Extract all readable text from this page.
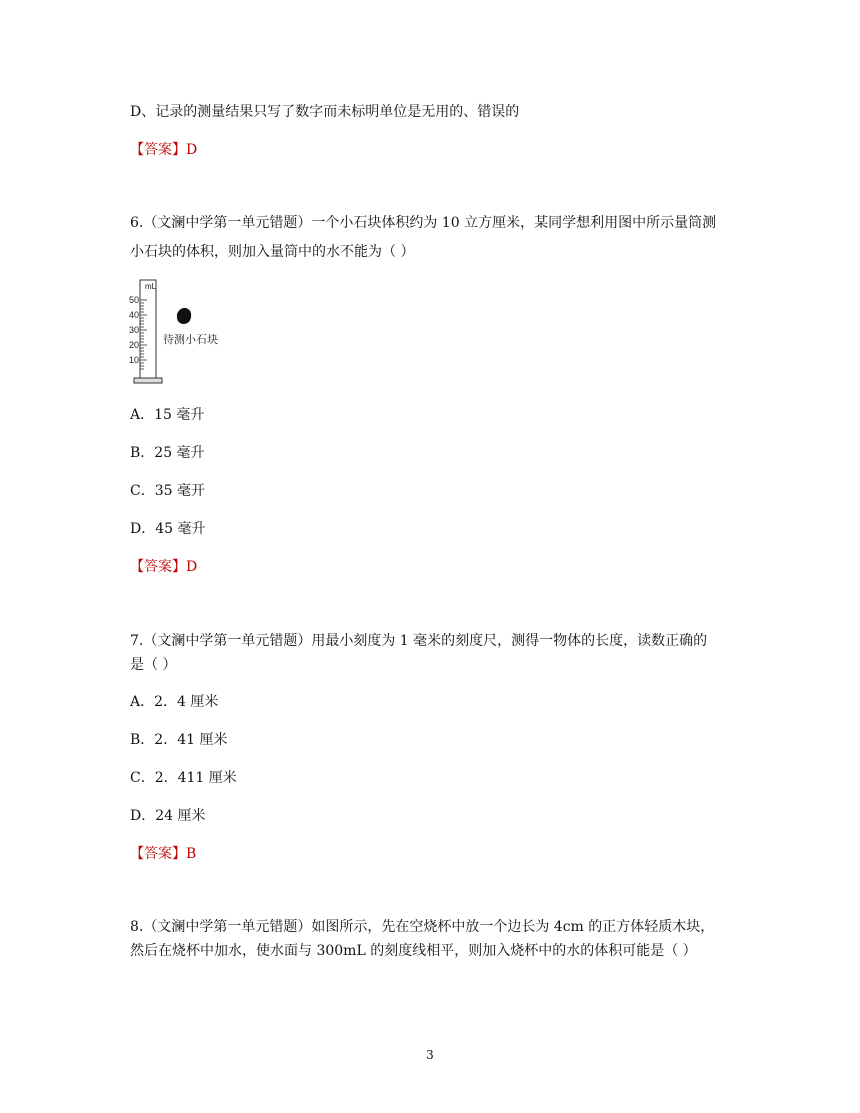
D、记录的测量结果只写了数字而未标明单位是无用的、错误的
【答案】D
6.（文澜中学第一单元错题）一个小石块体积约为 10 立方厘米，某同学想利用图中所示量筒测
小石块的体积，则加入量筒中的水不能为（ ）
mL
50
40
30
20
10
待测小石块
A．15 毫升
B．25 毫升
C．35 毫开
D．45 毫升
【答案】D
7.（文澜中学第一单元错题）用最小刻度为 1 毫米的刻度尺，测得一物体的长度，读数正确的
是（ ）
A．2．4 厘米
B．2．41 厘米
C．2．411 厘米
D．24 厘米
【答案】B
8.（文澜中学第一单元错题）如图所示，先在空烧杯中放一个边长为 4cm 的正方体轻质木块，
然后在烧杯中加水，使水面与 300mL 的刻度线相平，则加入烧杯中的水的体积可能是（ ）
3
